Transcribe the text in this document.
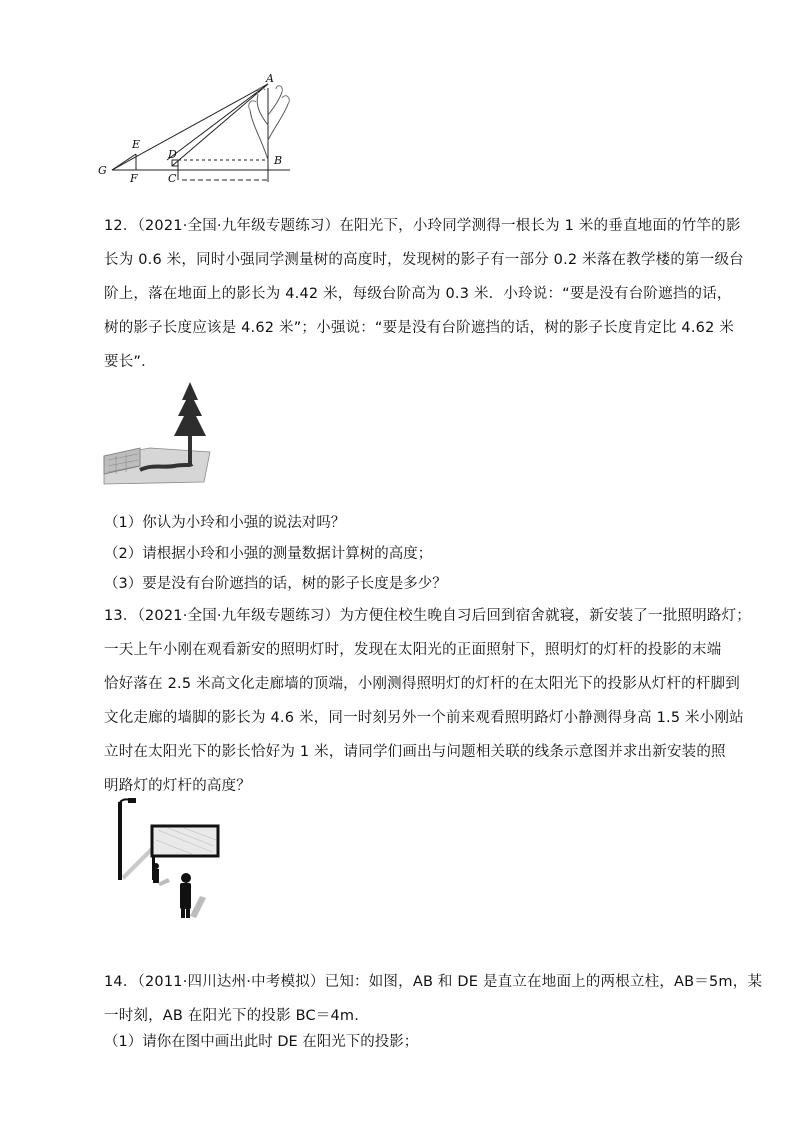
A
B
C
D
E
F
G
12．（2021·全国·九年级专题练习）在阳光下，小玲同学测得一根长为 1 米的垂直地面的竹竿的影
长为 0.6 米，同时小强同学测量树的高度时，发现树的影子有一部分 0.2 米落在教学楼的第一级台
阶上，落在地面上的影长为 4.42 米，每级台阶高为 0.3 米．小玲说：“要是没有台阶遮挡的话，
树的影子长度应该是 4.62 米”；小强说：“要是没有台阶遮挡的话，树的影子长度肯定比 4.62 米
要长”．
（1）你认为小玲和小强的说法对吗？
（2）请根据小玲和小强的测量数据计算树的高度；
（3）要是没有台阶遮挡的话，树的影子长度是多少？
13．（2021·全国·九年级专题练习）为方便住校生晚自习后回到宿舍就寝，新安装了一批照明路灯；
一天上午小刚在观看新安的照明灯时，发现在太阳光的正面照射下，照明灯的灯杆的投影的末端
恰好落在 2.5 米高文化走廊墙的顶端，小刚测得照明灯的灯杆的在太阳光下的投影从灯杆的杆脚到
文化走廊的墙脚的影长为 4.6 米，同一时刻另外一个前来观看照明路灯小静测得身高 1.5 米小刚站
立时在太阳光下的影长恰好为 1 米，请同学们画出与问题相关联的线条示意图并求出新安装的照
明路灯的灯杆的高度？
14．（2011·四川达州·中考模拟）已知：如图，AB 和 DE 是直立在地面上的两根立柱，AB＝5m，某
一时刻，AB 在阳光下的投影 BC＝4m.
（1）请你在图中画出此时 DE 在阳光下的投影；
